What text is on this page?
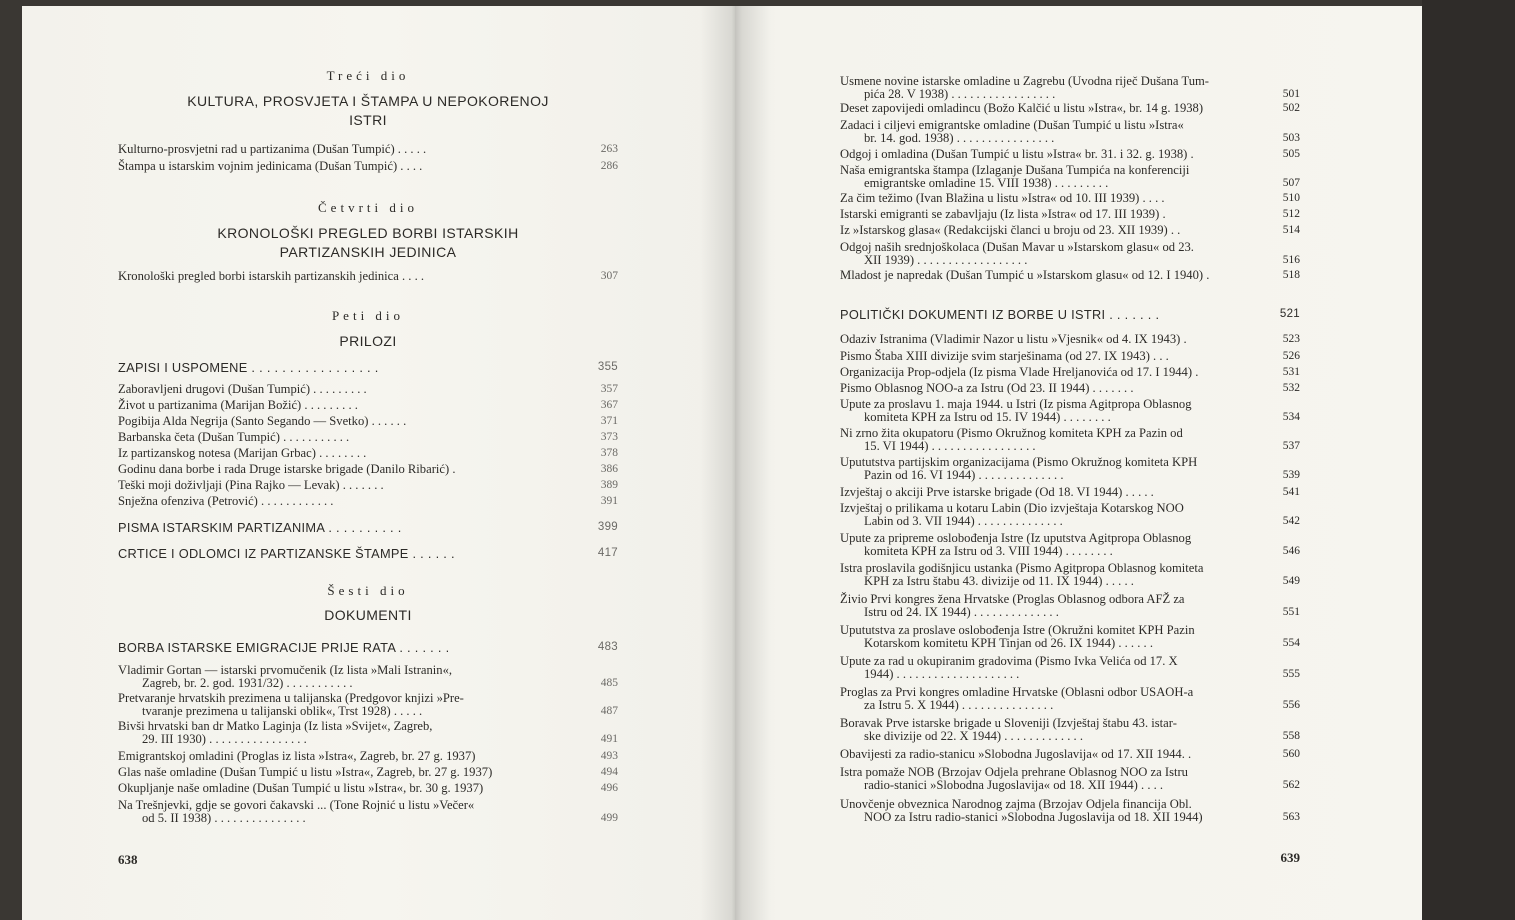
Treći dio

KULTURA, PROSVJETA I ŠTAMPA U NEPOKORENOJ

ISTRI

Kulturno-prosvjetni rad u partizanima (Dušan Tumpić) . . . . .	263
Štampa u istarskim vojnim jedinicama (Dušan Tumpić) . . . .	286

Četvrti dio

KRONOLOŠKI PREGLED BORBI ISTARSKIH

PARTIZANSKIH JEDINICA

Kronološki pregled borbi istarskih partizanskih jedinica . . . .	307

Peti dio

PRILOZI

ZAPISI I USPOMENE . . . . . . . . . . . . . . . . .	355
Zaboravljeni drugovi (Dušan Tumpić) . . . . . . . . .	357
Život u partizanima (Marijan Božić) . . . . . . . . .	367
Pogibija Alda Negrija (Santo Segando — Svetko) . . . . . .	371
Barbanska četa (Dušan Tumpić) . . . . . . . . . . .	373
Iz partizanskog notesa (Marijan Grbac) . . . . . . . .	378
Godinu dana borbe i rada Druge istarske brigade (Danilo Ribarić) .	386
Teški moji doživljaji (Pina Rajko — Levak) . . . . . . .	389
Snježna ofenziva (Petrović) . . . . . . . . . . . .	391
PISMA ISTARSKIM PARTIZANIMA . . . . . . . . . .	399
CRTICE I ODLOMCI IZ PARTIZANSKE ŠTAMPE . . . . . .	417

Šesti dio

DOKUMENTI

BORBA ISTARSKE EMIGRACIJE PRIJE RATA . . . . . . .	483
Vladimir Gortan — istarski prvomučenik (Iz lista »Mali Istranin«,
Zagreb, br. 2. god. 1931/32) . . . . . . . . . . .	485
Pretvaranje hrvatskih prezimena u talijanska (Predgovor knjizi »Pre-
tvaranje prezimena u talijanski oblik«, Trst 1928) . . . . .	487
Bivši hrvatski ban dr Matko Laginja (Iz lista »Svijet«, Zagreb,
29. III 1930) . . . . . . . . . . . . . . . .	491
Emigrantskoj omladini (Proglas iz lista »Istra«, Zagreb, br. 27 g. 1937)	493
Glas naše omladine (Dušan Tumpić u listu »Istra«, Zagreb, br. 27 g. 1937)	494
Okupljanje naše omladine (Dušan Tumpić u listu »Istra«, br. 30 g. 1937)	496
Na Trešnjevki, gdje se govori čakavski ... (Tone Rojnić u listu »Večer«
od 5. II 1938) . . . . . . . . . . . . . . .	499
638
Usmene novine istarske omladine u Zagrebu (Uvodna riječ Dušana Tum-
pića 28. V 1938) . . . . . . . . . . . . . . . . .	501
Deset zapovijedi omladincu (Božo Kalčić u listu »Istra«, br. 14 g. 1938)	502
Zadaci i ciljevi emigrantske omladine (Dušan Tumpić u listu »Istra«
br. 14. god. 1938) . . . . . . . . . . . . . . . .	503
Odgoj i omladina (Dušan Tumpić u listu »Istra« br. 31. i 32. g. 1938) .	505
Naša emigrantska štampa (Izlaganje Dušana Tumpića na konferenciji
emigrantske omladine 15. VIII 1938) . . . . . . . . .	507
Za čim težimo (Ivan Blažina u listu »Istra« od 10. III 1939) . . . .	510
Istarski emigranti se zabavljaju (Iz lista »Istra« od 17. III 1939) .	512
Iz »Istarskog glasa« (Redakcijski članci u broju od 23. XII 1939) . .	514
Odgoj naših srednjoškolaca (Dušan Mavar u »Istarskom glasu« od 23.
XII 1939) . . . . . . . . . . . . . . . . . .	516
Mladost je napredak (Dušan Tumpić u »Istarskom glasu« od 12. I 1940) .	518
POLITIČKI DOKUMENTI IZ BORBE U ISTRI . . . . . . .	521
Odaziv Istranima (Vladimir Nazor u listu »Vjesnik« od 4. IX 1943) .	523
Pismo Štaba XIII divizije svim starješinama (od 27. IX 1943) . . .	526
Organizacija Prop-odjela (Iz pisma Vlade Hreljanovića od 17. I 1944) .	531
Pismo Oblasnog NOO-a za Istru (Od 23. II 1944) . . . . . . .	532
Upute za proslavu 1. maja 1944. u Istri (Iz pisma Agitpropa Oblasnog
komiteta KPH za Istru od 15. IV 1944) . . . . . . . .	534
Ni zrno žita okupatoru (Pismo Okružnog komiteta KPH za Pazin od
15. VI 1944) . . . . . . . . . . . . . . . . .	537
Upututstva partijskim organizacijama (Pismo Okružnog komiteta KPH
Pazin od 16. VI 1944) . . . . . . . . . . . . . .	539
Izvještaj o akciji Prve istarske brigade (Od 18. VI 1944) . . . . .	541
Izvještaj o prilikama u kotaru Labin (Dio izvještaja Kotarskog NOO
Labin od 3. VII 1944) . . . . . . . . . . . . . .	542
Upute za pripreme oslobođenja Istre (Iz uputstva Agitpropa Oblasnog
komiteta KPH za Istru od 3. VIII 1944) . . . . . . . .	546
Istra proslavila godišnjicu ustanka (Pismo Agitpropa Oblasnog komiteta
KPH za Istru štabu 43. divizije od 11. IX 1944) . . . . .	549
Živio Prvi kongres žena Hrvatske (Proglas Oblasnog odbora AFŽ za
Istru od 24. IX 1944) . . . . . . . . . . . . . .	551
Upututstva za proslave oslobođenja Istre (Okružni komitet KPH Pazin
Kotarskom komitetu KPH Tinjan od 26. IX 1944) . . . . . .	554
Upute za rad u okupiranim gradovima (Pismo Ivka Velića od 17. X
1944) . . . . . . . . . . . . . . . . . . . .	555
Proglas za Prvi kongres omladine Hrvatske (Oblasni odbor USAOH-a
za Istru 5. X 1944) . . . . . . . . . . . . . . .	556
Boravak Prve istarske brigade u Sloveniji (Izvještaj štabu 43. istar-
ske divizije od 22. X 1944) . . . . . . . . . . . . .	558
Obavijesti za radio-stanicu »Slobodna Jugoslavija« od 17. XII 1944. .	560
Istra pomaže NOB (Brzojav Odjela prehrane Oblasnog NOO za Istru
radio-stanici »Slobodna Jugoslavija« od 18. XII 1944) . . . .	562
Unovčenje obveznica Narodnog zajma (Brzojav Odjela financija Obl.
NOO za Istru radio-stanici »Slobodna Jugoslavija od 18. XII 1944)	563
639
